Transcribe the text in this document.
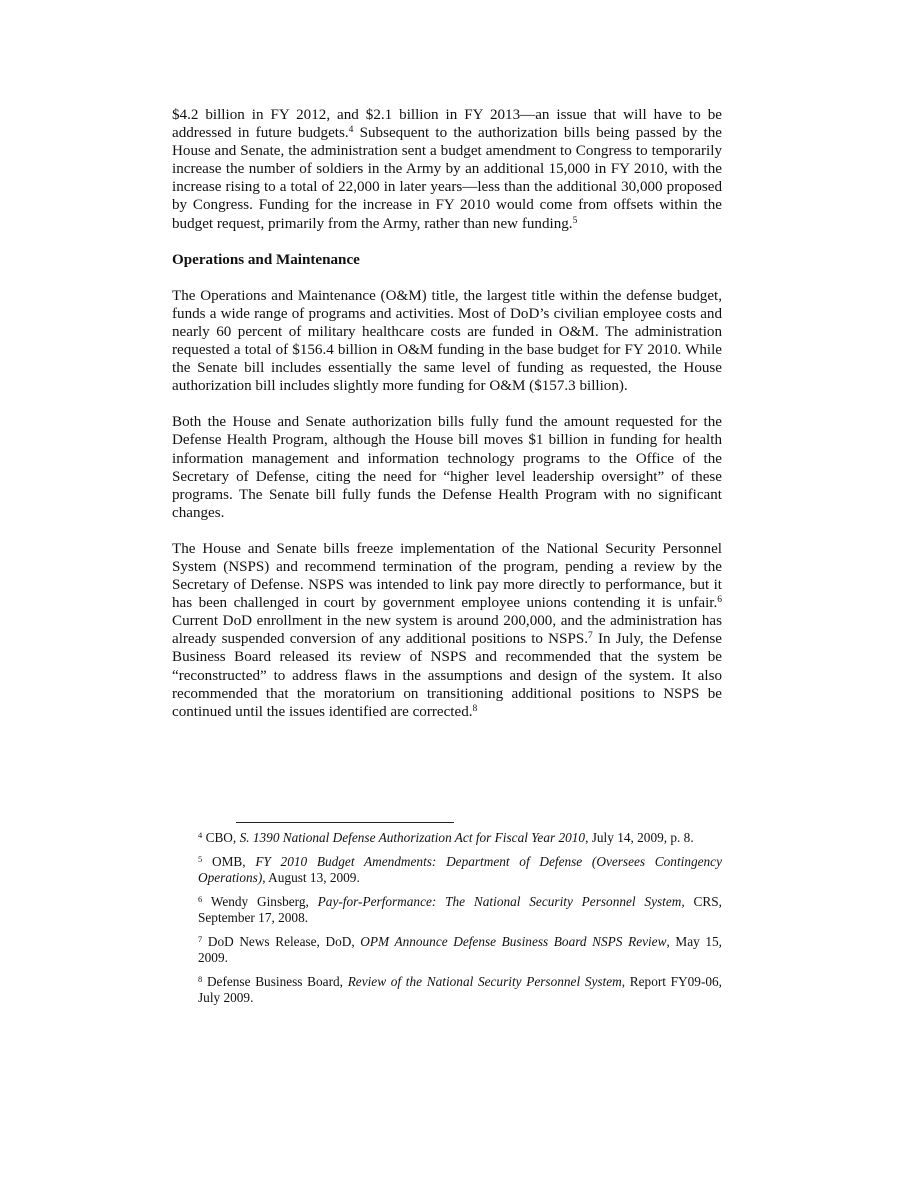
$4.2 billion in FY 2012, and $2.1 billion in FY 2013—an issue that will have to be addressed in future budgets.$^4$ Subsequent to the authorization bills being passed by the House and Senate, the administration sent a budget amendment to Congress to temporarily increase the number of soldiers in the Army by an additional 15,000 in FY 2010, with the increase rising to a total of 22,000 in later years—less than the additional 30,000 proposed by Congress. Funding for the increase in FY 2010 would come from offsets within the budget request, primarily from the Army, rather than new funding.$^5$

Operations and Maintenance

The Operations and Maintenance (O&M) title, the largest title within the defense budget, funds a wide range of programs and activities. Most of DoD’s civilian employee costs and nearly 60 percent of military healthcare costs are funded in O&M. The administration requested a total of $156.4 billion in O&M funding in the base budget for FY 2010. While the Senate bill includes essentially the same level of funding as requested, the House authorization bill includes slightly more funding for O&M ($157.3 billion).

Both the House and Senate authorization bills fully fund the amount requested for the Defense Health Program, although the House bill moves $1 billion in funding for health information management and information technology programs to the Office of the Secretary of Defense, citing the need for “higher level leadership oversight” of these programs. The Senate bill fully funds the Defense Health Program with no significant changes.

The House and Senate bills freeze implementation of the National Security Personnel System (NSPS) and recommend termination of the program, pending a review by the Secretary of Defense. NSPS was intended to link pay more directly to performance, but it has been challenged in court by government employee unions contending it is unfair.$^6$ Current DoD enrollment in the new system is around 200,000, and the administration has already suspended conversion of any additional positions to NSPS.$^7$ In July, the Defense Business Board released its review of NSPS and recommended that the system be “reconstructed” to address flaws in the assumptions and design of the system. It also recommended that the moratorium on transitioning additional positions to NSPS be continued until the issues identified are corrected.$^8$

$^4$ CBO, S. 1390 National Defense Authorization Act for Fiscal Year 2010, July 14, 2009, p. 8.

$^5$ OMB, FY 2010 Budget Amendments: Department of Defense (Oversees Contingency Operations), August 13, 2009.

$^6$ Wendy Ginsberg, Pay-for-Performance: The National Security Personnel System, CRS, September 17, 2008.

$^7$ DoD News Release, DoD, OPM Announce Defense Business Board NSPS Review, May 15, 2009.

$^8$ Defense Business Board, Review of the National Security Personnel System, Report FY09-06, July 2009.
